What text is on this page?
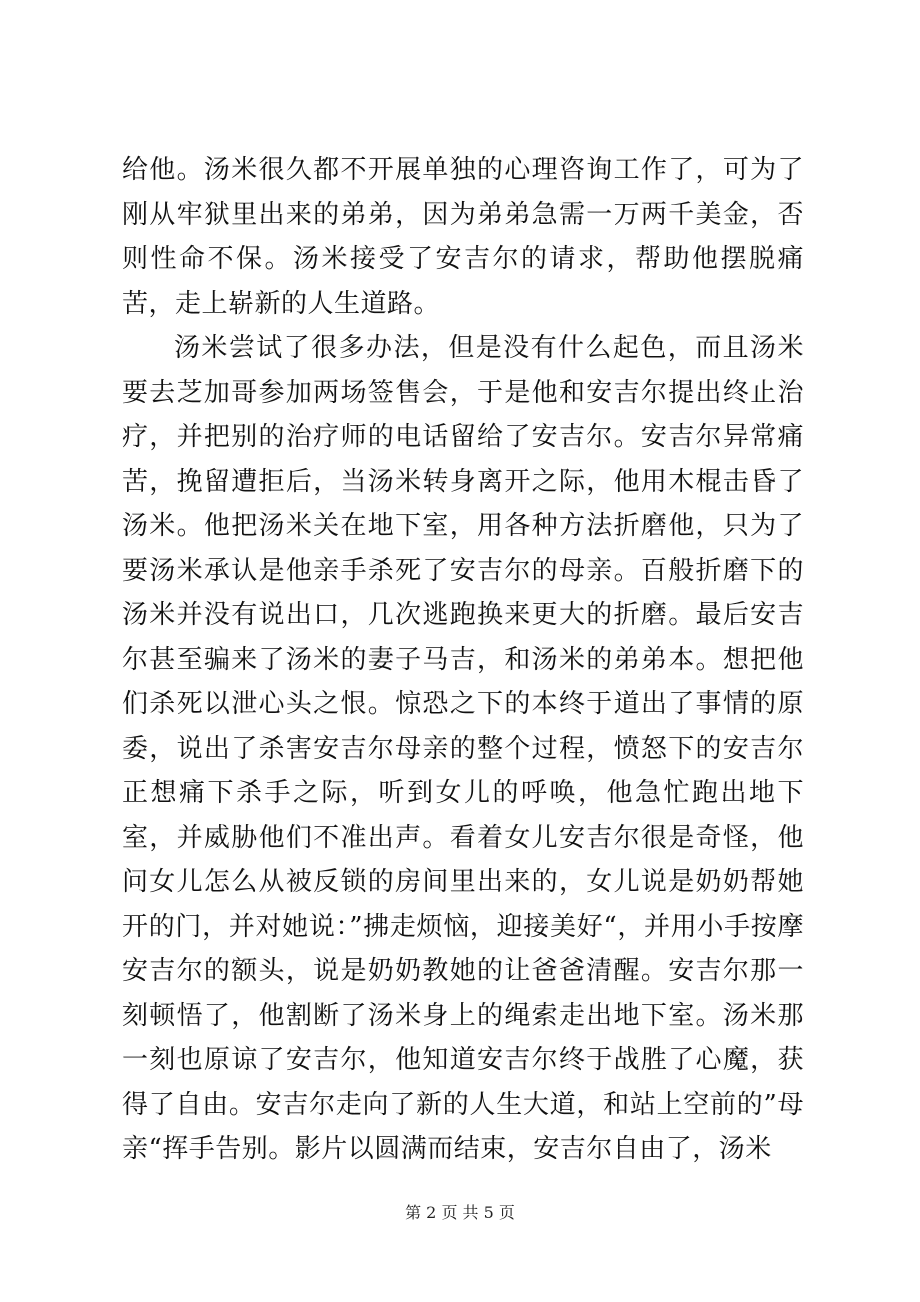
给他。汤米很久都不开展单独的心理咨询工作了，可为了刚从牢狱里出来的弟弟，因为弟弟急需一万两千美金，否则性命不保。汤米接受了安吉尔的请求，帮助他摆脱痛苦，走上崭新的人生道路。

汤米尝试了很多办法，但是没有什么起色，而且汤米要去芝加哥参加两场签售会，于是他和安吉尔提出终止治疗，并把别的治疗师的电话留给了安吉尔。安吉尔异常痛苦，挽留遭拒后，当汤米转身离开之际，他用木棍击昏了汤米。他把汤米关在地下室，用各种方法折磨他，只为了要汤米承认是他亲手杀死了安吉尔的母亲。百般折磨下的汤米并没有说出口，几次逃跑换来更大的折磨。最后安吉尔甚至骗来了汤米的妻子马吉，和汤米的弟弟本。想把他们杀死以泄心头之恨。惊恐之下的本终于道出了事情的原委，说出了杀害安吉尔母亲的整个过程，愤怒下的安吉尔正想痛下杀手之际，听到女儿的呼唤，他急忙跑出地下室，并威胁他们不准出声。看着女儿安吉尔很是奇怪，他问女儿怎么从被反锁的房间里出来的，女儿说是奶奶帮她开的门，并对她说：”拂走烦恼，迎接美好“，并用小手按摩安吉尔的额头，说是奶奶教她的让爸爸清醒。安吉尔那一刻顿悟了，他割断了汤米身上的绳索走出地下室。汤米那一刻也原谅了安吉尔，他知道安吉尔终于战胜了心魔，获得了自由。安吉尔走向了新的人生大道，和站上空前的”母亲“挥手告别。影片以圆满而结束，安吉尔自由了，汤米

第 2 页 共 5 页
